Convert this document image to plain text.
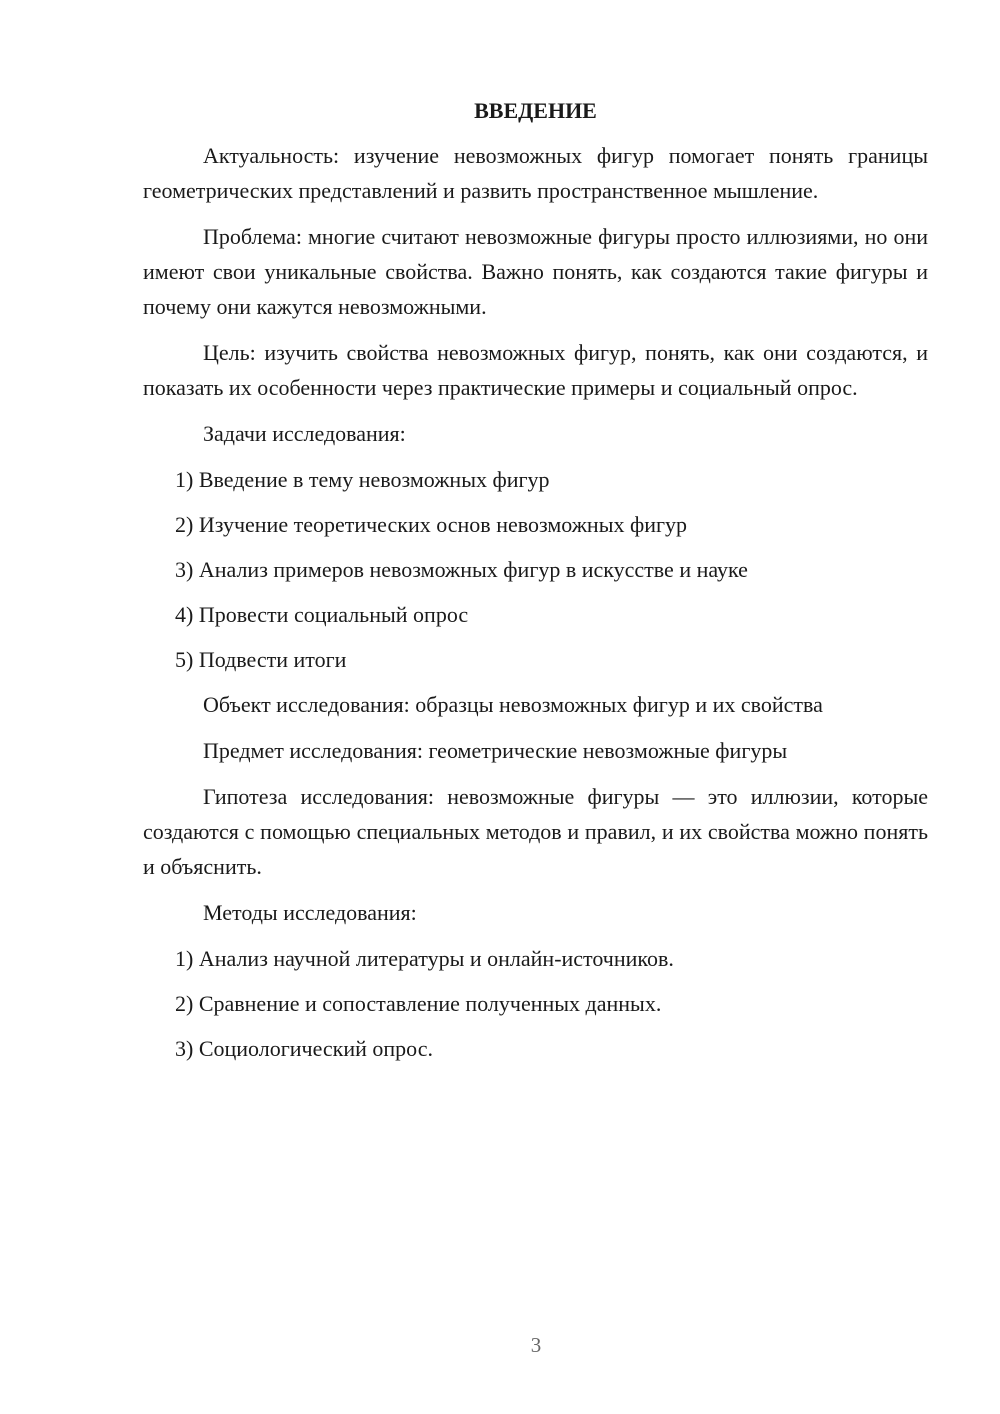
ВВЕДЕНИЕ

Актуальность: изучение невозможных фигур помогает понять границы геометрических представлений и развить пространственное мышление.

Проблема: многие считают невозможные фигуры просто иллюзиями, но они имеют свои уникальные свойства. Важно понять, как создаются такие фигуры и почему они кажутся невозможными.

Цель: изучить свойства невозможных фигур, понять, как они создаются, и показать их особенности через практические примеры и социальный опрос.

Задачи исследования:

1) Введение в тему невозможных фигур
2) Изучение теоретических основ невозможных фигур
3) Анализ примеров невозможных фигур в искусстве и науке
4) Провести социальный опрос
5) Подвести итоги

Объект исследования: образцы невозможных фигур и их свойства

Предмет исследования: геометрические невозможные фигуры

Гипотеза исследования: невозможные фигуры — это иллюзии, которые создаются с помощью специальных методов и правил, и их свойства можно понять и объяснить.

Методы исследования:

1) Анализ научной литературы и онлайн-источников.
2) Сравнение и сопоставление полученных данных.
3) Социологический опрос.
3
